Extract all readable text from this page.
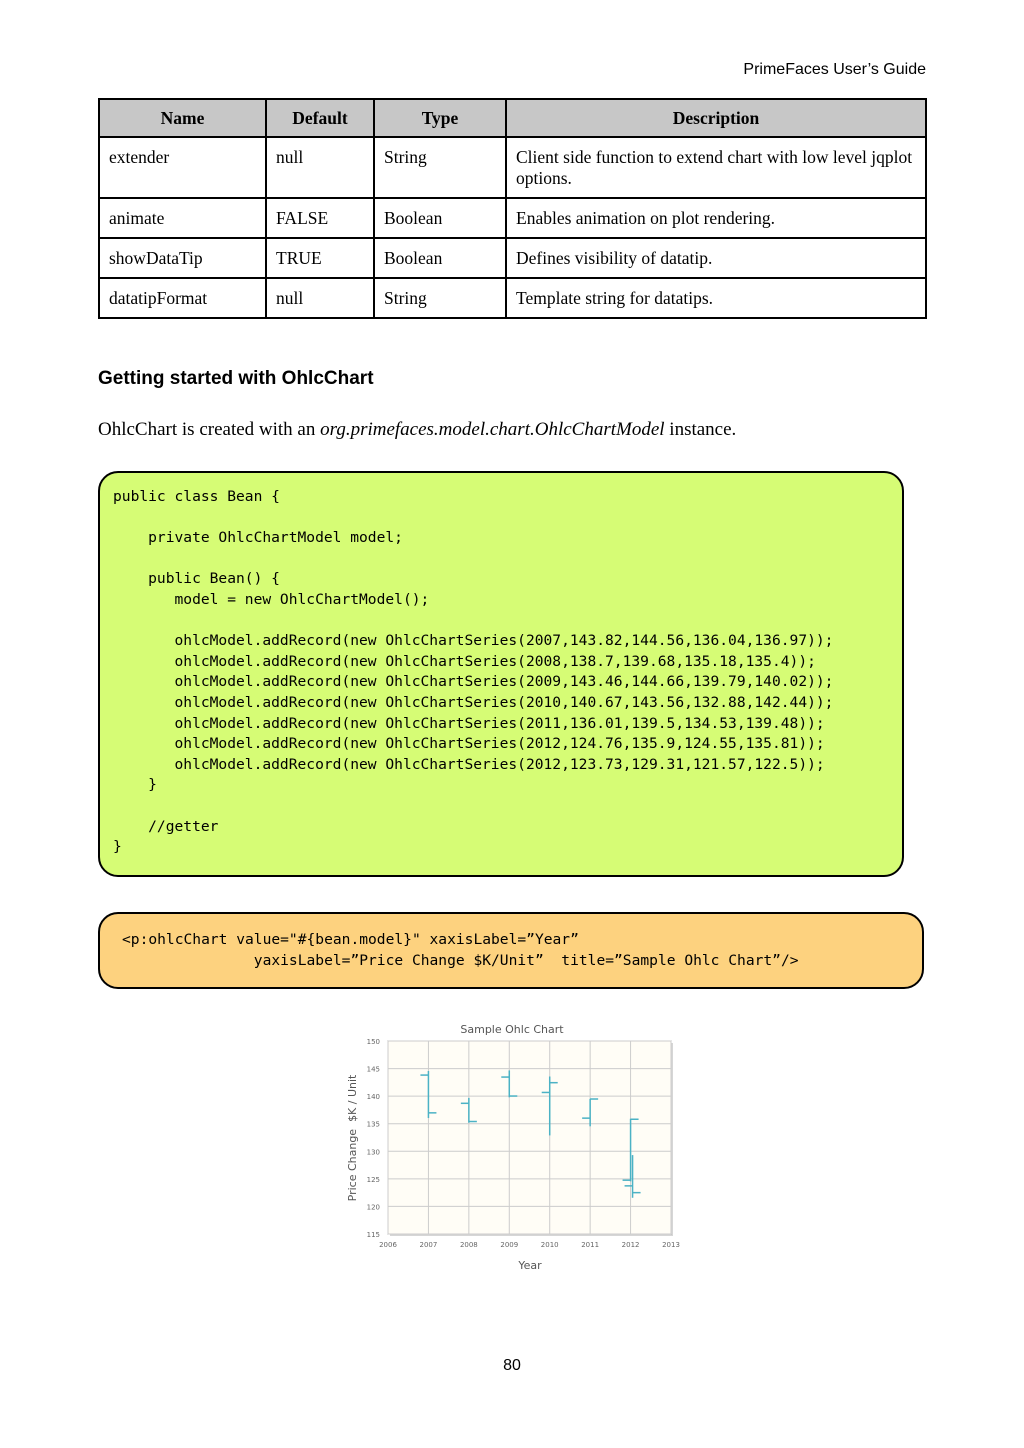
PrimeFaces User’s Guide
Name	Default	Type	Description
extender	null	String	Client side function to extend chart with low level jqplot options.
animate	FALSE	Boolean	Enables animation on plot rendering.
showDataTip	TRUE	Boolean	Defines visibility of datatip.
datatipFormat	null	String	Template string for datatips.
Getting started with OhlcChart
OhlcChart is created with an org.primefaces.model.chart.OhlcChartModel instance.
public class Bean {

private OhlcChartModel model;

public Bean() {
model = new OhlcChartModel();

ohlcModel.addRecord(new OhlcChartSeries(2007,143.82,144.56,136.04,136.97));
ohlcModel.addRecord(new OhlcChartSeries(2008,138.7,139.68,135.18,135.4));
ohlcModel.addRecord(new OhlcChartSeries(2009,143.46,144.66,139.79,140.02));
ohlcModel.addRecord(new OhlcChartSeries(2010,140.67,143.56,132.88,142.44));
ohlcModel.addRecord(new OhlcChartSeries(2011,136.01,139.5,134.53,139.48));
ohlcModel.addRecord(new OhlcChartSeries(2012,124.76,135.9,124.55,135.81));
ohlcModel.addRecord(new OhlcChartSeries(2012,123.73,129.31,121.57,122.5));
}

//getter
}
<p:ohlcChart value="#{bean.model}" xaxisLabel=”Year”
yaxisLabel=”Price Change $K/Unit”  title=”Sample Ohlc Chart”/>
Sample Ohlc Chart
2006	2007	2008	2009	2010	2011	2012	2013
115
120
125
130
135
140
145
150
Year
Price Change  $K / Unit
80
